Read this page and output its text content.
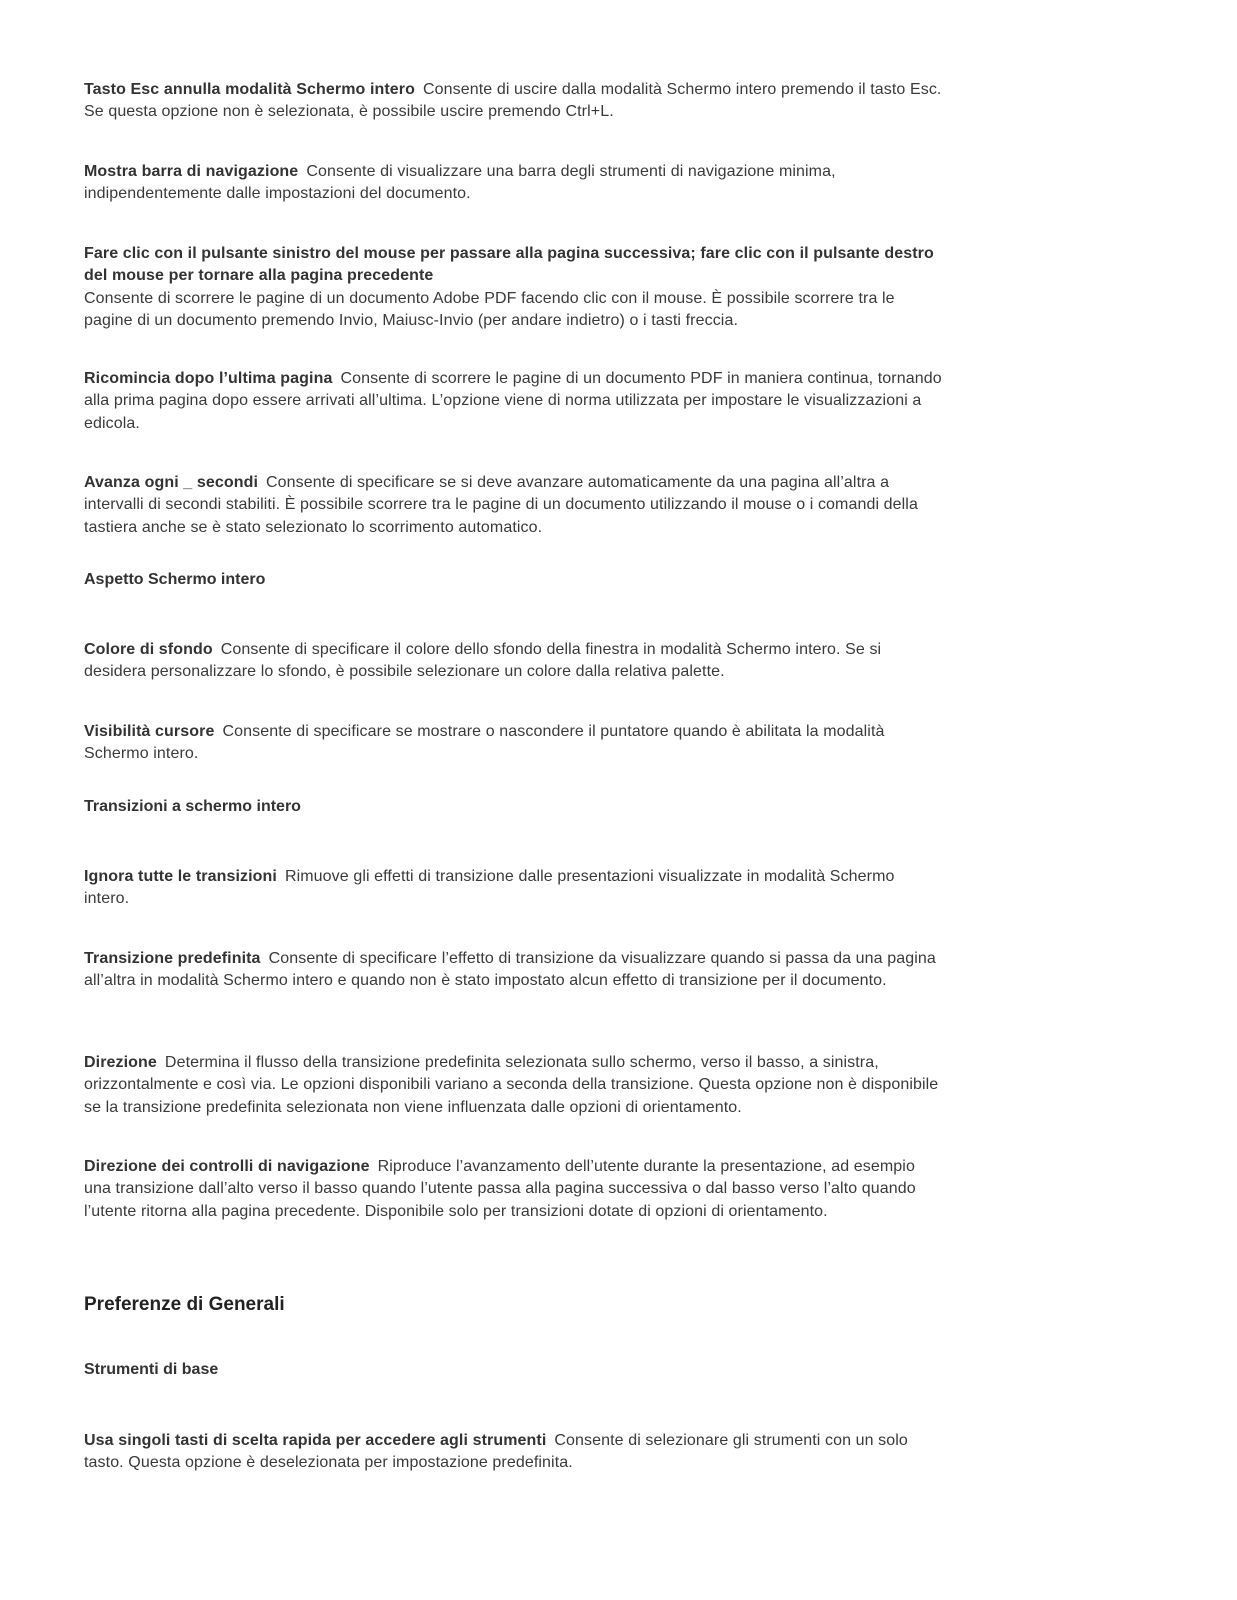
Tasto Esc annulla modalità Schermo intero Consente di uscire dalla modalità Schermo intero premendo il tasto Esc. Se questa opzione non è selezionata, è possibile uscire premendo Ctrl+L.
Mostra barra di navigazione Consente di visualizzare una barra degli strumenti di navigazione minima, indipendentemente dalle impostazioni del documento.
Fare clic con il pulsante sinistro del mouse per passare alla pagina successiva; fare clic con il pulsante destro del mouse per tornare alla pagina precedente
Consente di scorrere le pagine di un documento Adobe PDF facendo clic con il mouse. È possibile scorrere tra le pagine di un documento premendo Invio, Maiusc-Invio (per andare indietro) o i tasti freccia.
Ricomincia dopo l’ultima pagina Consente di scorrere le pagine di un documento PDF in maniera continua, tornando alla prima pagina dopo essere arrivati all’ultima. L’opzione viene di norma utilizzata per impostare le visualizzazioni a edicola.
Avanza ogni _ secondi Consente di specificare se si deve avanzare automaticamente da una pagina all’altra a intervalli di secondi stabiliti. È possibile scorrere tra le pagine di un documento utilizzando il mouse o i comandi della tastiera anche se è stato selezionato lo scorrimento automatico.
Aspetto Schermo intero
Colore di sfondo Consente di specificare il colore dello sfondo della finestra in modalità Schermo intero. Se si desidera personalizzare lo sfondo, è possibile selezionare un colore dalla relativa palette.
Visibilità cursore Consente di specificare se mostrare o nascondere il puntatore quando è abilitata la modalità Schermo intero.
Transizioni a schermo intero
Ignora tutte le transizioni Rimuove gli effetti di transizione dalle presentazioni visualizzate in modalità Schermo intero.
Transizione predefinita Consente di specificare l’effetto di transizione da visualizzare quando si passa da una pagina all’altra in modalità Schermo intero e quando non è stato impostato alcun effetto di transizione per il documento.
Direzione Determina il flusso della transizione predefinita selezionata sullo schermo, verso il basso, a sinistra, orizzontalmente e così via. Le opzioni disponibili variano a seconda della transizione. Questa opzione non è disponibile se la transizione predefinita selezionata non viene influenzata dalle opzioni di orientamento.
Direzione dei controlli di navigazione Riproduce l’avanzamento dell’utente durante la presentazione, ad esempio una transizione dall’alto verso il basso quando l’utente passa alla pagina successiva o dal basso verso l’alto quando l’utente ritorna alla pagina precedente. Disponibile solo per transizioni dotate di opzioni di orientamento.
Preferenze di Generali
Strumenti di base
Usa singoli tasti di scelta rapida per accedere agli strumenti Consente di selezionare gli strumenti con un solo tasto. Questa opzione è deselezionata per impostazione predefinita.
